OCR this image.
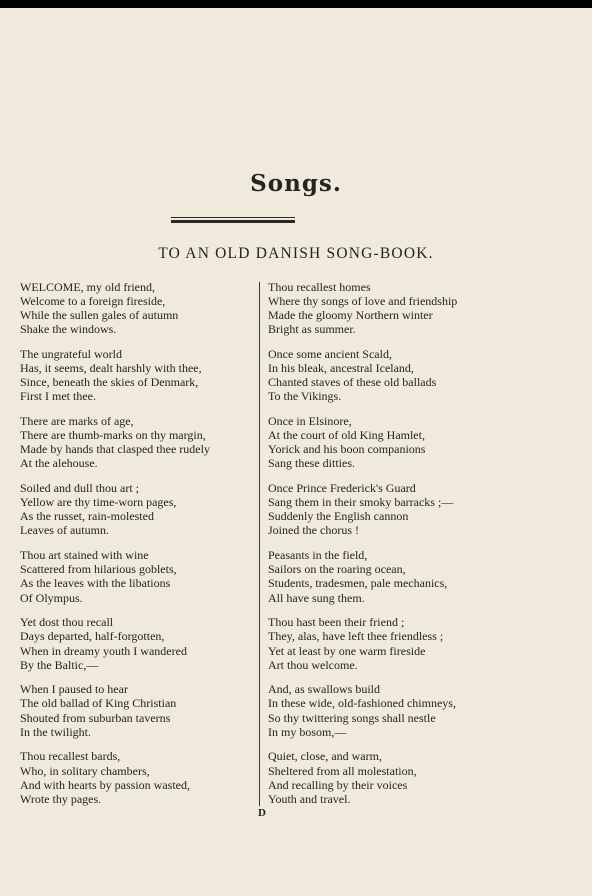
Songs.
TO AN OLD DANISH SONG-BOOK.
WELCOME, my old friend,
Welcome to a foreign fireside,
While the sullen gales of autumn
Shake the windows.
The ungrateful world
Has, it seems, dealt harshly with thee,
Since, beneath the skies of Denmark,
First I met thee.
There are marks of age,
There are thumb-marks on thy margin,
Made by hands that clasped thee rudely
At the alehouse.
Soiled and dull thou art ;
Yellow are thy time-worn pages,
As the russet, rain-molested
Leaves of autumn.
Thou art stained with wine
Scattered from hilarious goblets,
As the leaves with the libations
Of Olympus.
Yet dost thou recall
Days departed, half-forgotten,
When in dreamy youth I wandered
By the Baltic,—
When I paused to hear
The old ballad of King Christian
Shouted from suburban taverns
In the twilight.
Thou recallest bards,
Who, in solitary chambers,
And with hearts by passion wasted,
Wrote thy pages.
Thou recallest homes
Where thy songs of love and friendship
Made the gloomy Northern winter
Bright as summer.
Once some ancient Scald,
In his bleak, ancestral Iceland,
Chanted staves of these old ballads
To the Vikings.
Once in Elsinore,
At the court of old King Hamlet,
Yorick and his boon companions
Sang these ditties.
Once Prince Frederick's Guard
Sang them in their smoky barracks ;—
Suddenly the English cannon
Joined the chorus !
Peasants in the field,
Sailors on the roaring ocean,
Students, tradesmen, pale mechanics,
All have sung them.
Thou hast been their friend ;
They, alas, have left thee friendless ;
Yet at least by one warm fireside
Art thou welcome.
And, as swallows build
In these wide, old-fashioned chimneys,
So thy twittering songs shall nestle
In my bosom,—
Quiet, close, and warm,
Sheltered from all molestation,
And recalling by their voices
Youth and travel.
D
